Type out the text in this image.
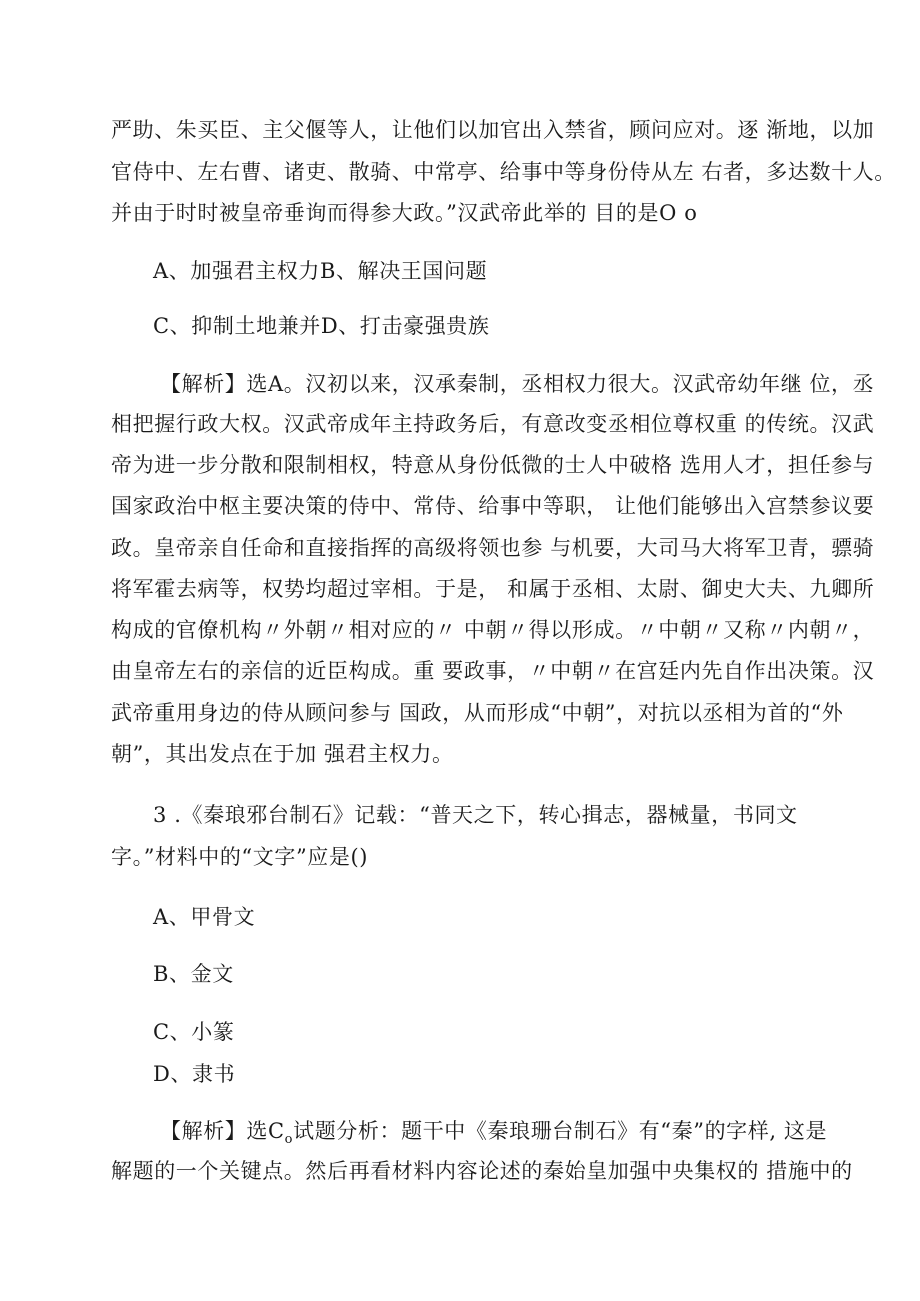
严助、朱买臣、主父偃等人，让他们以加官出入禁省，顾问应对。逐 渐地，以加
官侍中、左右曹、诸吏、散骑、中常亭、给事中等身份侍从左 右者，多达数十人。
并由于时时被皇帝垂询而得参大政。”汉武帝此举的 目的是O o
A、加强君主权力B、解决王国问题
C、抑制土地兼并D、打击豪强贵族
【解析】选A。汉初以来，汉承秦制，丞相权力很大。汉武帝幼年继 位，丞
相把握行政大权。汉武帝成年主持政务后，有意改变丞相位尊权重 的传统。汉武
帝为进一步分散和限制相权，特意从身份低微的士人中破格 选用人才，担任参与
国家政治中枢主要决策的侍中、常侍、给事中等职， 让他们能够出入宫禁参议要
政。皇帝亲自任命和直接指挥的高级将领也参 与机要，大司马大将军卫青，骠骑
将军霍去病等，权势均超过宰相。于是， 和属于丞相、太尉、御史大夫、九卿所
构成的官僚机构〃外朝〃相对应的〃 中朝〃得以形成。〃中朝〃又称〃内朝〃，
由皇帝左右的亲信的近臣构成。重 要政事，〃中朝〃在宫廷内先自作出决策。汉
武帝重用身边的侍从顾问参与 国政，从而形成“中朝”，对抗以丞相为首的“外
朝”，其出发点在于加 强君主权力。
3 .《秦琅邪台制石》记载：“普天之下，转心揖志，器械量，书同文
字。”材料中的“文字”应是()
A、甲骨文
B、金文
C、小篆
D、隶书
【解析】选$C_o$试题分析：题干中《秦琅珊台制石》有“秦”的字样, 这是
解题的一个关键点。然后再看材料内容论述的秦始皇加强中央集权的 措施中的
